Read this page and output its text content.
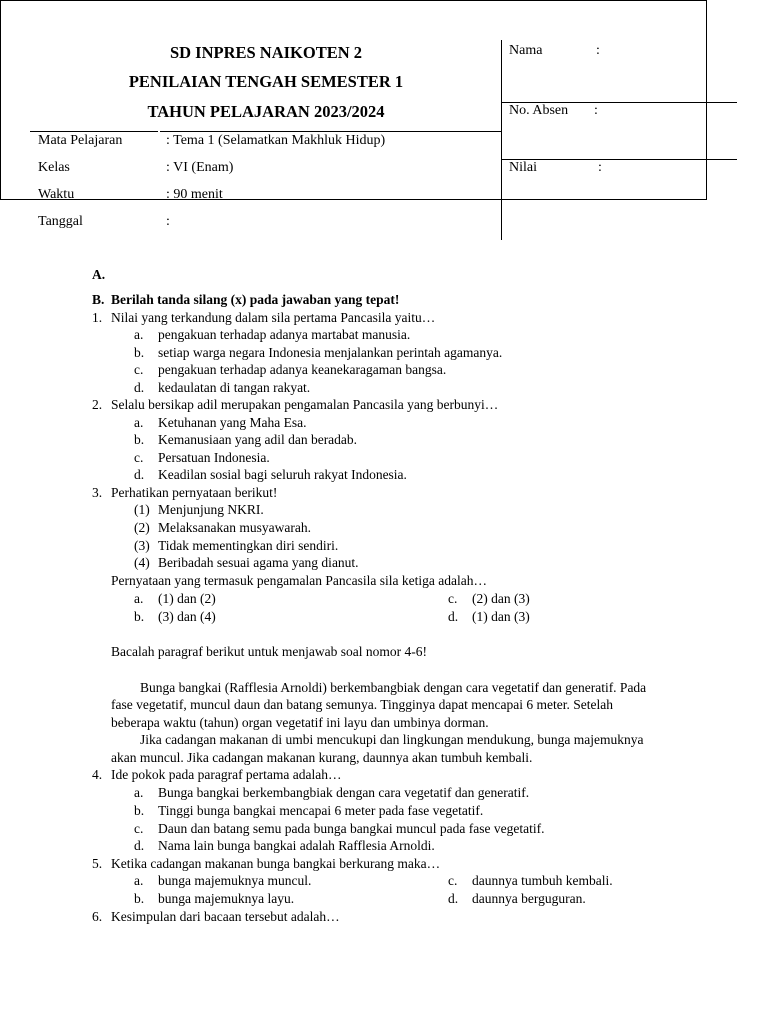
SD INPRES NAIKOTEN 2
PENILAIAN TENGAH SEMESTER 1
TAHUN PELAJARAN 2023/2024
Mata Pelajaran	: Tema 1 (Selamatkan Makhluk Hidup)
Kelas	: VI (Enam)
Waktu	: 90 menit
Tanggal	:
Nama	:
No. Absen :
Nilai	:
A.
B. Berilah tanda silang (x) pada jawaban yang tepat!
1. Nilai yang terkandung dalam sila pertama Pancasila yaitu…
a. pengakuan terhadap adanya martabat manusia.
b. setiap warga negara Indonesia menjalankan perintah agamanya.
c. pengakuan terhadap adanya keanekaragaman bangsa.
d. kedaulatan di tangan rakyat.
2. Selalu bersikap adil merupakan pengamalan Pancasila yang berbunyi…
a. Ketuhanan yang Maha Esa.
b. Kemanusiaan yang adil dan beradab.
c. Persatuan Indonesia.
d. Keadilan sosial bagi seluruh rakyat Indonesia.
3. Perhatikan pernyataan berikut!
(1) Menjunjung NKRI.
(2) Melaksanakan musyawarah.
(3) Tidak mementingkan diri sendiri.
(4) Beribadah sesuai agama yang dianut.
Pernyataan yang termasuk pengamalan Pancasila sila ketiga adalah…
a. (1) dan (2)	c. (2) dan (3)
b. (3) dan (4)	d. (1) dan (3)
Bacalah paragraf berikut untuk menjawab soal nomor 4-6!
Bunga bangkai (Rafflesia Arnoldi) berkembangbiak dengan cara vegetatif dan generatif. Pada
fase vegetatif, muncul daun dan batang semunya. Tingginya dapat mencapai 6 meter. Setelah
beberapa waktu (tahun) organ vegetatif ini layu dan umbinya dorman.
Jika cadangan makanan di umbi mencukupi dan lingkungan mendukung, bunga majemuknya
akan muncul. Jika cadangan makanan kurang, daunnya akan tumbuh kembali.
4. Ide pokok pada paragraf pertama adalah…
a. Bunga bangkai berkembangbiak dengan cara vegetatif dan generatif.
b. Tinggi bunga bangkai mencapai 6 meter pada fase vegetatif.
c. Daun dan batang semu pada bunga bangkai muncul pada fase vegetatif.
d. Nama lain bunga bangkai adalah Rafflesia Arnoldi.
5. Ketika cadangan makanan bunga bangkai berkurang maka…
a. bunga majemuknya muncul.	c. daunnya tumbuh kembali.
b. bunga majemuknya layu.	d. daunnya berguguran.
6. Kesimpulan dari bacaan tersebut adalah…
